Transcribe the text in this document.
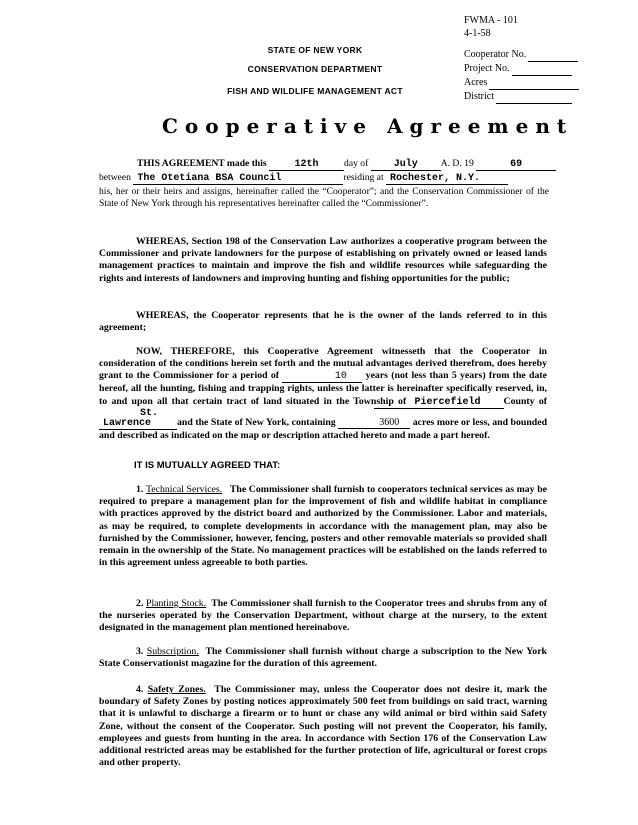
FWMA - 101
4-1-58
STATE OF NEW YORK
CONSERVATION DEPARTMENT
FISH AND WILDLIFE MANAGEMENT ACT
Cooperator No.
Project No.
Acres
District
Cooperative Agreement
THIS AGREEMENT made this	12th	day of	July A. D. 19	69
between The Otetiana BSA Council	residing at Rochester, N.Y.
his, her or their heirs and assigns, hereinafter called the “Cooperator”; and the Conservation Commissioner of the State of New York through his representatives hereinafter called the “Commissioner”.
WHEREAS, Section 198 of the Conservation Law authorizes a cooperative program between the Commissioner and private landowners for the purpose of establishing on privately owned or leased lands management practices to maintain and improve the fish and wildlife resources while safeguarding the rights and interests of landowners and improving hunting and fishing opportunities for the public;
WHEREAS, the Cooperator represents that he is the owner of the lands referred to in this agreement;
NOW, THEREFORE, this Cooperative Agreement witnesseth that the Cooperator in consideration of the conditions herein set forth and the mutual advantages derived therefrom, does hereby grant to the Commissioner for a period of	10 years (not less than 5 years) from the date hereof, all the hunting, fishing and trapping rights, unless the latter is hereinafter specifically reserved, in, to and upon all that certain tract of land situated in the Township of Piercefield County of St. Lawrence	and the State of New York, containing	3600 acres more or less, and bounded and described as indicated on the map or description attached hereto and made a part hereof.
IT IS MUTUALLY AGREED THAT:
1. Technical Services. The Commissioner shall furnish to cooperators technical services as may be required to prepare a management plan for the improvement of fish and wildlife habitat in compliance with practices approved by the district board and authorized by the Commissioner. Labor and materials, as may be required, to complete developments in accordance with the management plan, may also be furnished by the Commissioner, however, fencing, posters and other removable materials so provided shall remain in the ownership of the State. No management practices will be established on the lands referred to in this agreement unless agreeable to both parties.
2. Planting Stock. The Commissioner shall furnish to the Cooperator trees and shrubs from any of the nurseries operated by the Conservation Department, without charge at the nursery, to the extent designated in the management plan mentioned hereinabove.
3. Subscription. The Commissioner shall furnish without charge a subscription to the New York State Conservationist magazine for the duration of this agreement.
4. Safety Zones. The Commissioner may, unless the Cooperator does not desire it, mark the boundary of Safety Zones by posting notices approximately 500 feet from buildings on said tract, warning that it is unlawful to discharge a firearm or to hunt or chase any wild animal or bird within said Safety Zone, without the consent of the Cooperator. Such posting will not prevent the Cooperator, his family, employees and guests from hunting in the area. In accordance with Section 176 of the Conservation Law additional restricted areas may be established for the further protection of life, agricultural or forest crops and other property.
